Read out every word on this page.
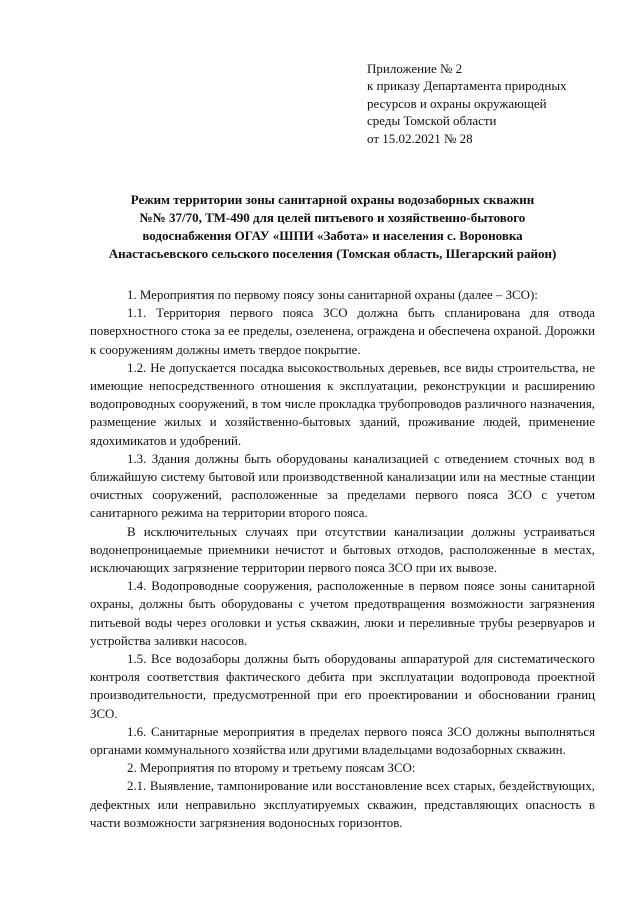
Приложение № 2
к приказу Департамента природных
ресурсов и охраны окружающей
среды Томской области
от 15.02.2021 № 28
Режим территории зоны санитарной охраны водозаборных скважин
№№ 37/70, ТМ-490 для целей питьевого и хозяйственно-бытового
водоснабжения ОГАУ «ШПИ «Забота» и населения с. Вороновка
Анастасьевского сельского поселения (Томская область, Шегарский район)

1. Мероприятия по первому поясу зоны санитарной охраны (далее – ЗСО):

1.1. Территория первого пояса ЗСО должна быть спланирована для отвода поверхностного стока за ее пределы, озеленена, ограждена и обеспечена охраной. Дорожки к сооружениям должны иметь твердое покрытие.

1.2. Не допускается посадка высокоствольных деревьев, все виды строительства, не имеющие непосредственного отношения к эксплуатации, реконструкции и расширению водопроводных сооружений, в том числе прокладка трубопроводов различного назначения, размещение жилых и хозяйственно-бытовых зданий, проживание людей, применение ядохимикатов и удобрений.

1.3. Здания должны быть оборудованы канализацией с отведением сточных вод в ближайшую систему бытовой или производственной канализации или на местные станции очистных сооружений, расположенные за пределами первого пояса ЗСО с учетом санитарного режима на территории второго пояса.

В исключительных случаях при отсутствии канализации должны устраиваться водонепроницаемые приемники нечистот и бытовых отходов, расположенные в местах, исключающих загрязнение территории первого пояса ЗСО при их вывозе.

1.4. Водопроводные сооружения, расположенные в первом поясе зоны санитарной охраны, должны быть оборудованы с учетом предотвращения возможности загрязнения питьевой воды через оголовки и устья скважин, люки и переливные трубы резервуаров и устройства заливки насосов.

1.5. Все водозаборы должны быть оборудованы аппаратурой для систематического контроля соответствия фактического дебита при эксплуатации водопровода проектной производительности, предусмотренной при его проектировании и обосновании границ ЗСО.

1.6. Санитарные мероприятия в пределах первого пояса ЗСО должны выполняться органами коммунального хозяйства или другими владельцами водозаборных скважин.

2. Мероприятия по второму и третьему поясам ЗСО:

2.1. Выявление, тампонирование или восстановление всех старых, бездействующих, дефектных или неправильно эксплуатируемых скважин, представляющих опасность в части возможности загрязнения водоносных горизонтов.
